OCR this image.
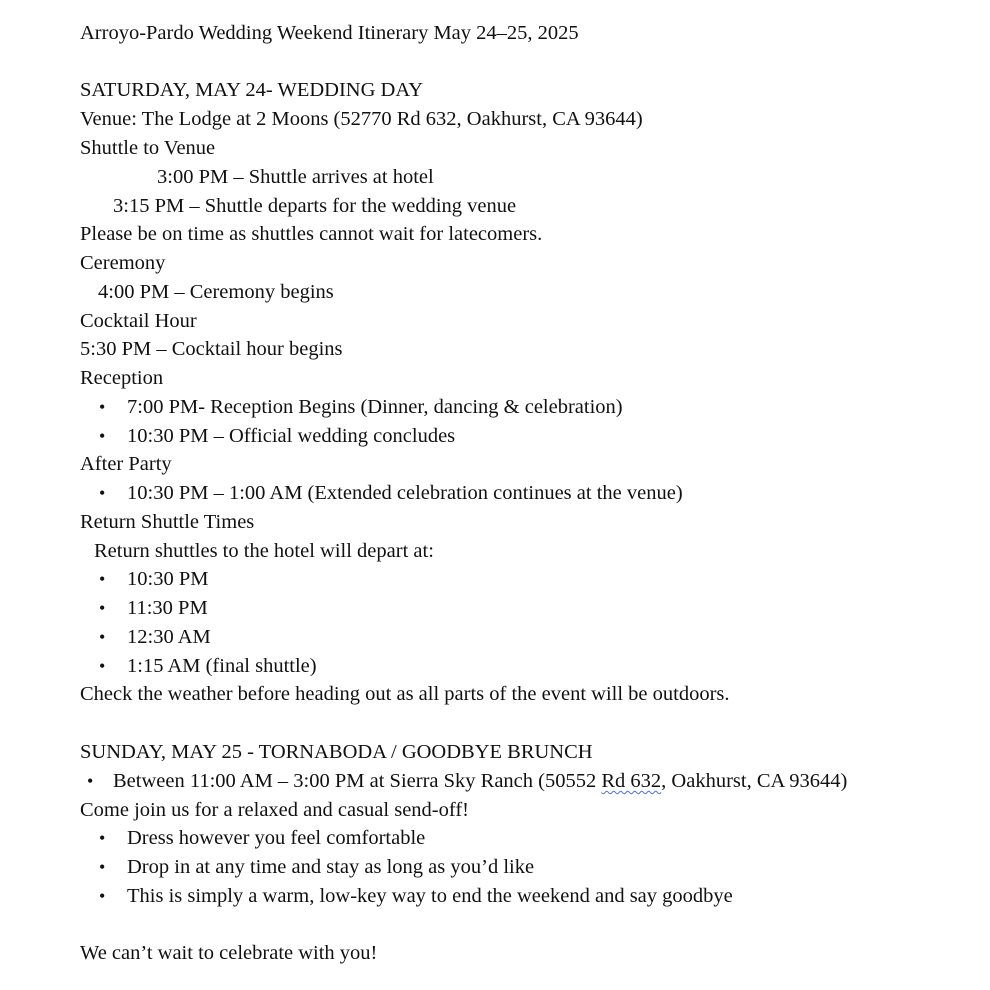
Arroyo-Pardo Wedding Weekend Itinerary May 24–25, 2025
SATURDAY, MAY 24- WEDDING DAY
Venue: The Lodge at 2 Moons (52770 Rd 632, Oakhurst, CA 93644)
Shuttle to Venue
3:00 PM – Shuttle arrives at hotel
3:15 PM – Shuttle departs for the wedding venue
Please be on time as shuttles cannot wait for latecomers.
Ceremony
4:00 PM – Ceremony begins
Cocktail Hour
5:30 PM – Cocktail hour begins
Reception
•
7:00 PM- Reception Begins (Dinner, dancing & celebration)
•
10:30 PM – Official wedding concludes
After Party
•
10:30 PM – 1:00 AM (Extended celebration continues at the venue)
Return Shuttle Times
Return shuttles to the hotel will depart at:
•
10:30 PM
•
11:30 PM
•
12:30 AM
•
1:15 AM (final shuttle)
Check the weather before heading out as all parts of the event will be outdoors.
SUNDAY, MAY 25 - TORNABODA / GOODBYE BRUNCH
•
Between 11:00 AM – 3:00 PM at Sierra Sky Ranch (50552 Rd 632, Oakhurst, CA 93644)
Come join us for a relaxed and casual send-off!
•
Dress however you feel comfortable
•
Drop in at any time and stay as long as you’d like
•
This is simply a warm, low-key way to end the weekend and say goodbye
We can’t wait to celebrate with you!
